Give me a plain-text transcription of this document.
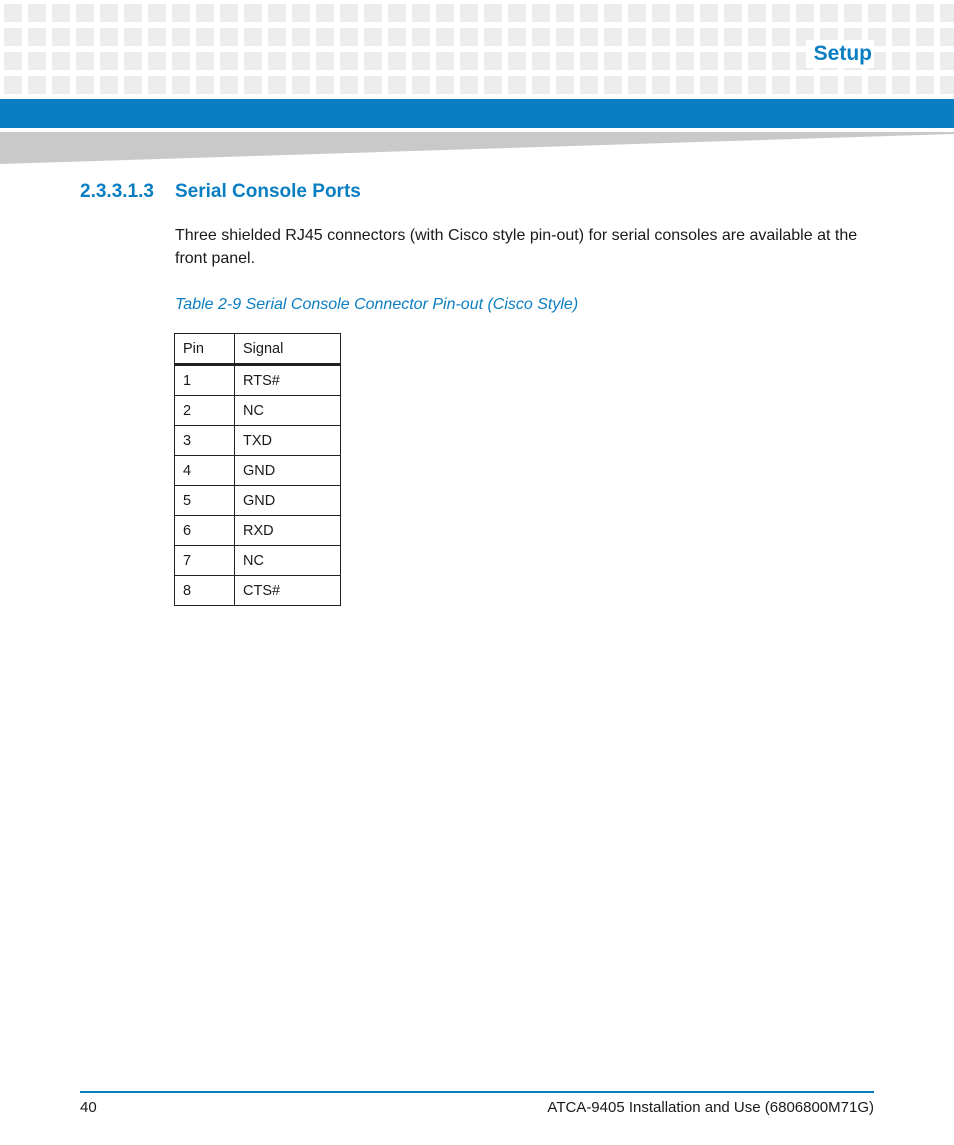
Setup
2.3.3.1.3 Serial Console Ports
Three shielded RJ45 connectors (with Cisco style pin-out) for serial consoles are available at the front panel.
Table 2-9 Serial Console Connector Pin-out (Cisco Style)
Pin	Signal
1	RTS#
2	NC
3	TXD
4	GND
5	GND
6	RXD
7	NC
8	CTS#
40	ATCA-9405 Installation and Use (6806800M71G)
